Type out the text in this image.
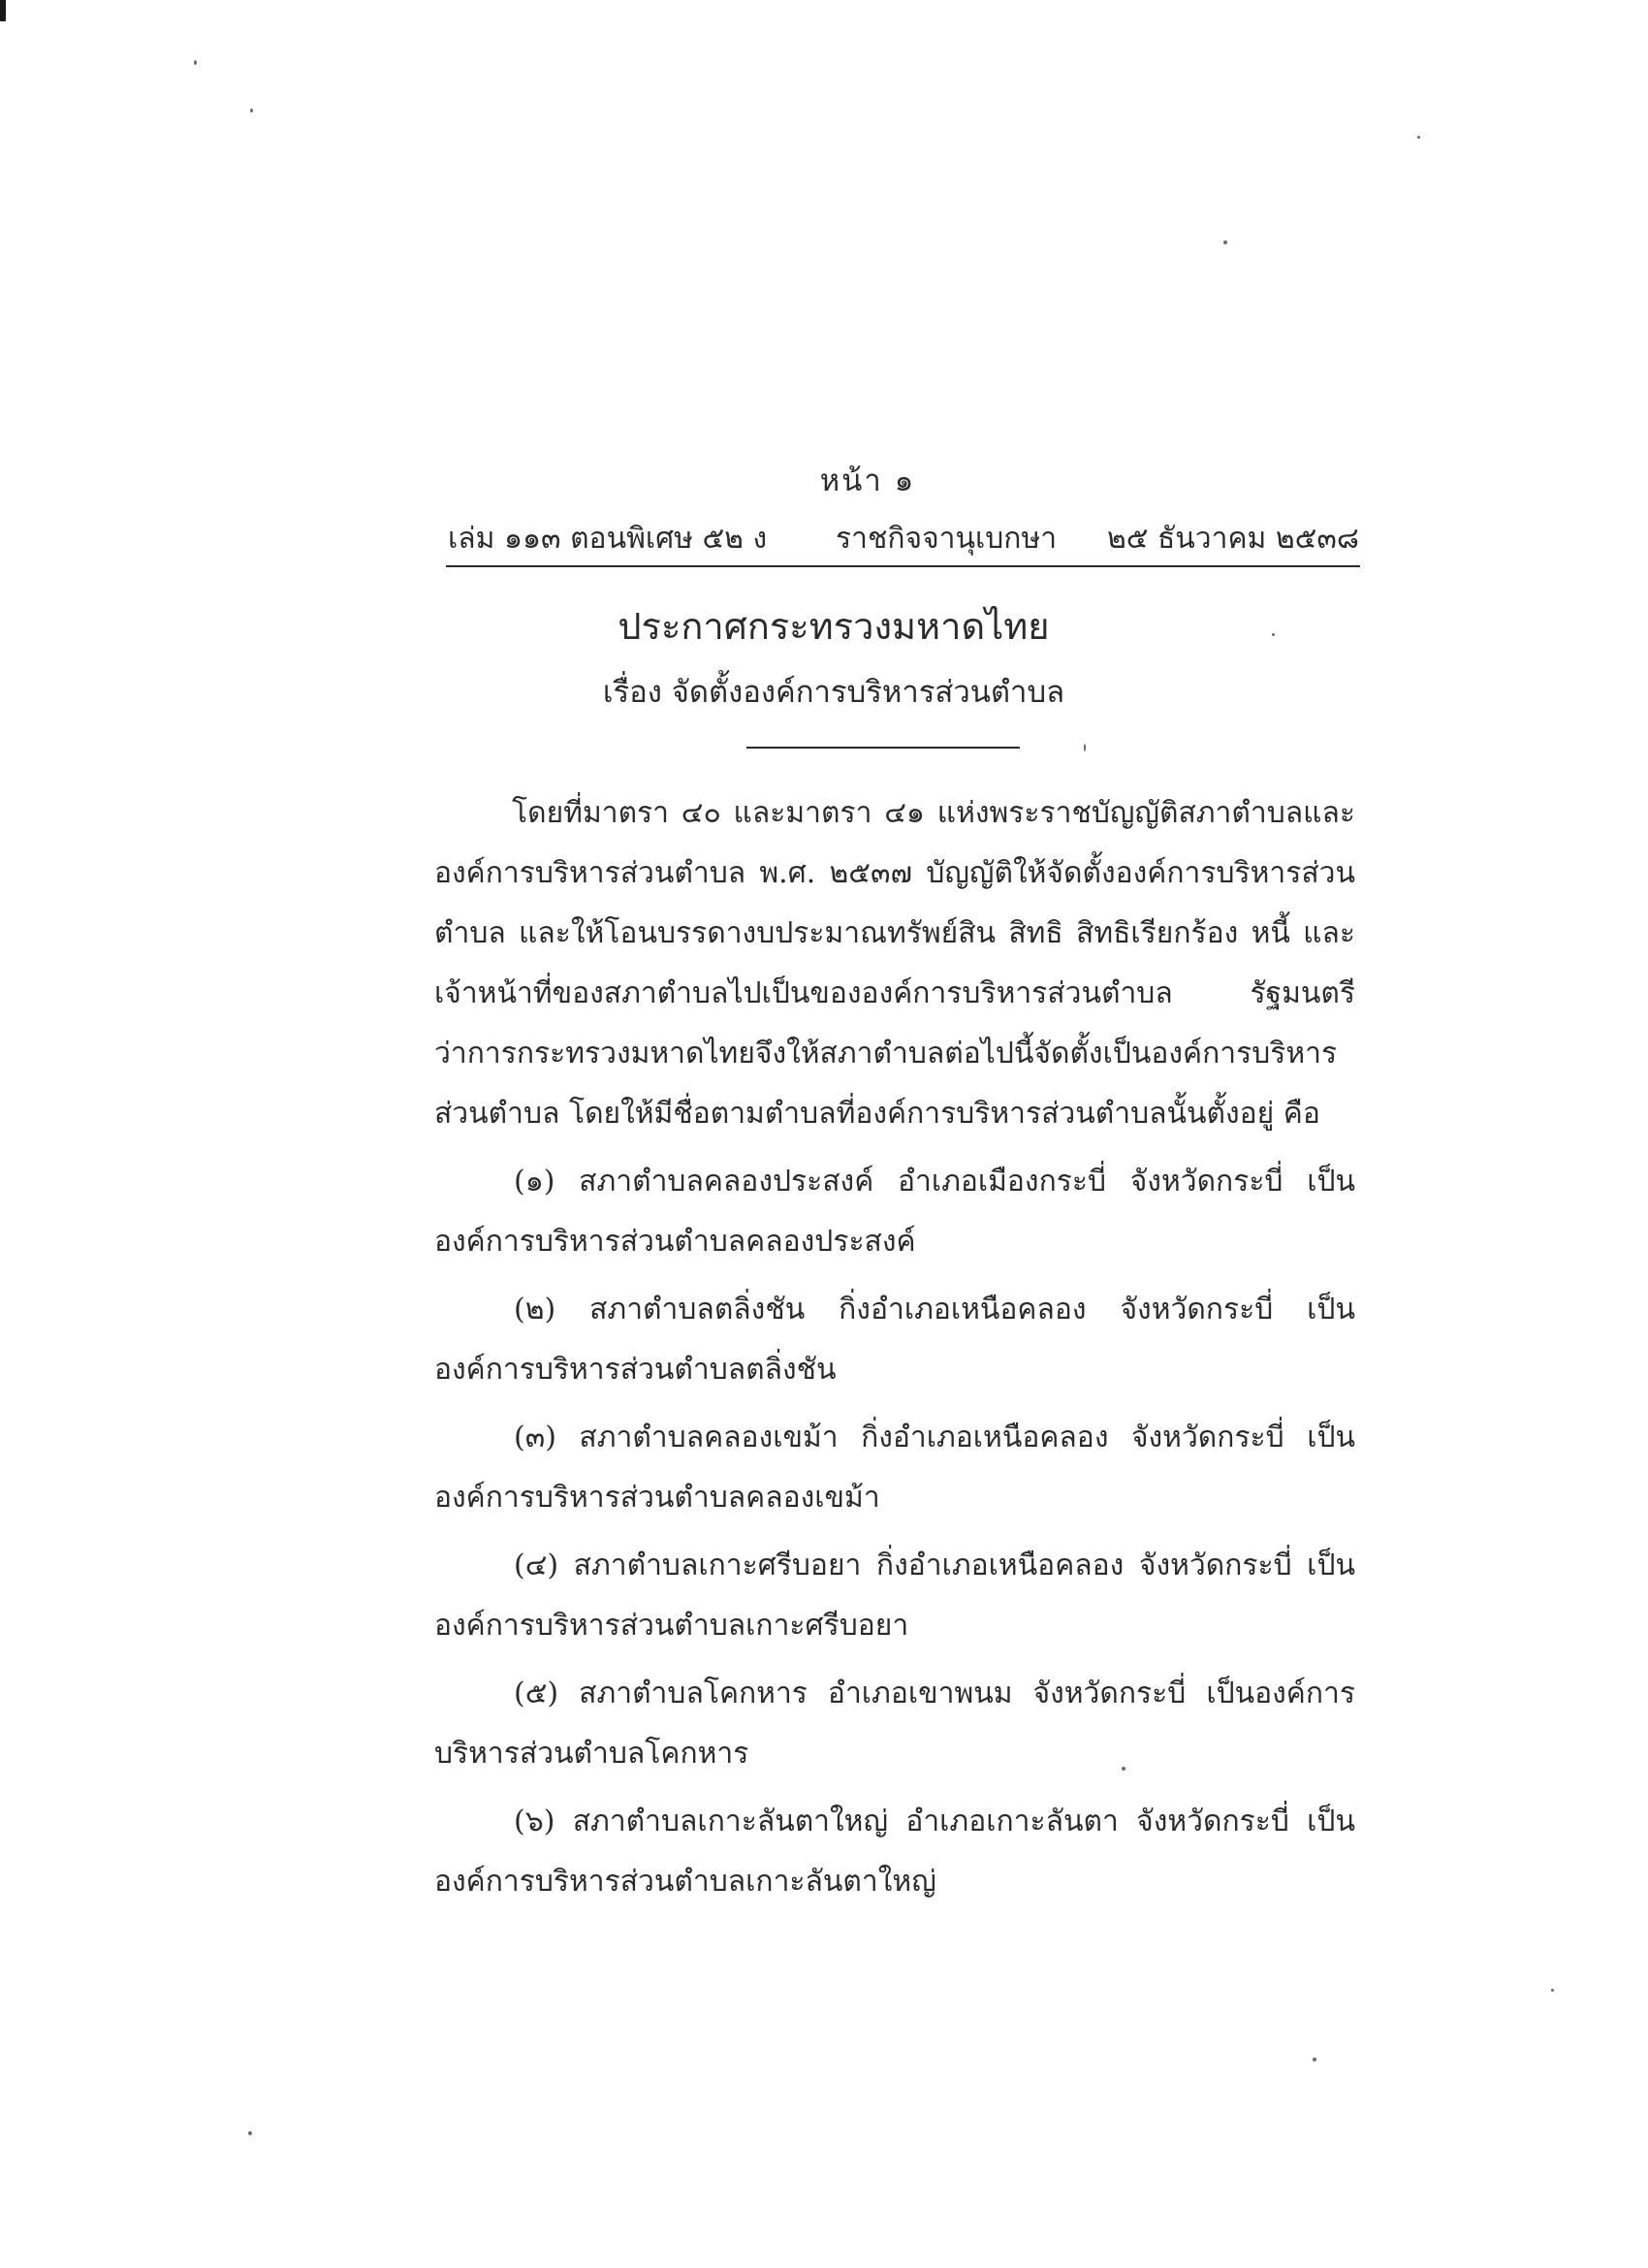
หน้า ๑
เล่ม ๑๑๓ ตอนพิเศษ ๕๒ ง ราชกิจจานุเบกษา ๒๕ ธันวาคม ๒๕๓๘
ประกาศกระทรวงมหาดไทย
เรื่อง จัดตั้งองค์การบริหารส่วนตำบล

โดยที่มาตรา ๔๐ และมาตรา ๔๑ แห่งพระราชบัญญัติสภาตำบลและองค์การบริหารส่วนตำบล พ.ศ. ๒๕๓๗ บัญญัติให้จัดตั้งองค์การบริหารส่วนตำบล และให้โอนบรรดางบประมาณทรัพย์สิน สิทธิ สิทธิเรียกร้อง หนี้ และเจ้าหน้าที่ของสภาตำบลไปเป็นขององค์การบริหารส่วนตำบล รัฐมนตรีว่าการกระทรวงมหาดไทยจึงให้สภาตำบลต่อไปนี้จัดตั้งเป็นองค์การบริหารส่วนตำบล โดยให้มีชื่อตามตำบลที่องค์การบริหารส่วนตำบลนั้นตั้งอยู่ คือ

(๑) สภาตำบลคลองประสงค์ อำเภอเมืองกระบี่ จังหวัดกระบี่ เป็นองค์การบริหารส่วนตำบลคลองประสงค์

(๒) สภาตำบลตลิ่งชัน กิ่งอำเภอเหนือคลอง จังหวัดกระบี่ เป็นองค์การบริหารส่วนตำบลตลิ่งชัน

(๓) สภาตำบลคลองเขม้า กิ่งอำเภอเหนือคลอง จังหวัดกระบี่ เป็นองค์การบริหารส่วนตำบลคลองเขม้า

(๔) สภาตำบลเกาะศรีบอยา กิ่งอำเภอเหนือคลอง จังหวัดกระบี่ เป็นองค์การบริหารส่วนตำบลเกาะศรีบอยา

(๕) สภาตำบลโคกหาร อำเภอเขาพนม จังหวัดกระบี่ เป็นองค์การบริหารส่วนตำบลโคกหาร

(๖) สภาตำบลเกาะลันตาใหญ่ อำเภอเกาะลันตา จังหวัดกระบี่ เป็นองค์การบริหารส่วนตำบลเกาะลันตาใหญ่
